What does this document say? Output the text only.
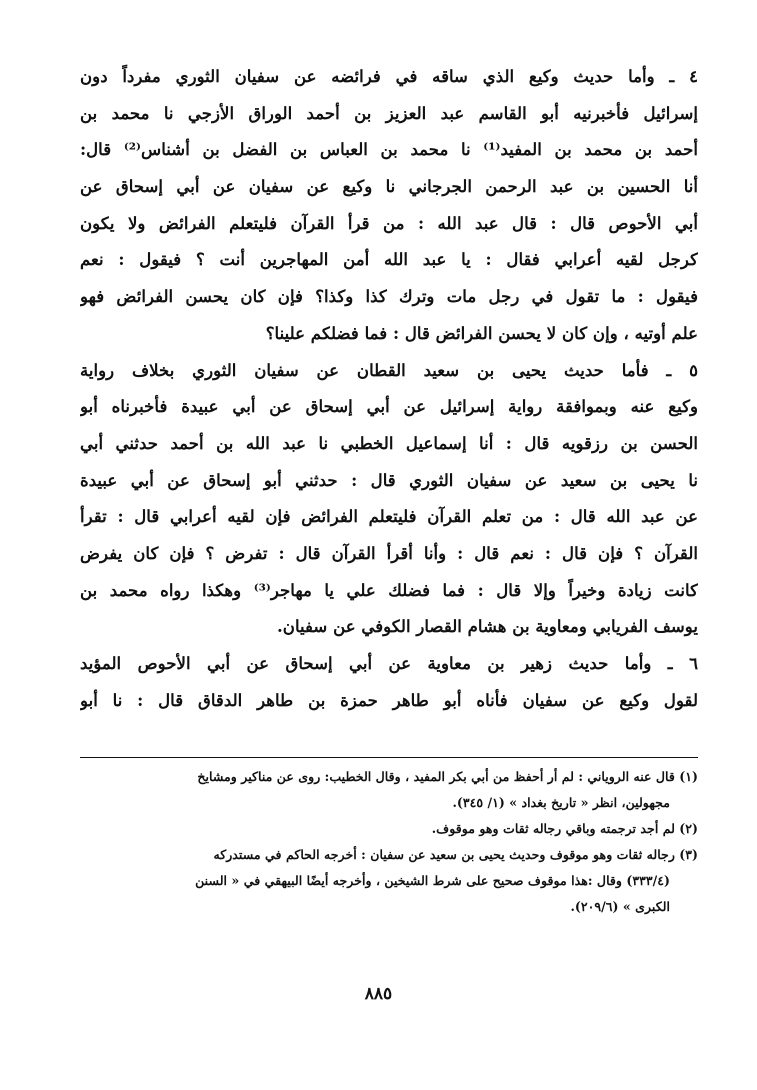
٤ ـ وأما حديث وكيع الذي ساقه في فرائضه عن سفيان الثوري مفرداً دون
إسرائيل فأخبرنيه أبو القاسم عبد العزيز بن أحمد الوراق الأزجي نا محمد بن
أحمد بن محمد بن المفيد⁽¹⁾ نا محمد بن العباس بن الفضل بن أشناس⁽²⁾ قال:
أنا الحسين بن عبد الرحمن الجرجاني نا وكيع عن سفيان عن أبي إسحاق عن
أبي الأحوص قال : قال عبد الله : من قرأ القرآن فليتعلم الفرائض ولا يكون
كرجل لقيه أعرابي فقال : يا عبد الله أمن المهاجرين أنت ؟ فيقول : نعم
فيقول : ما تقول في رجل مات وترك كذا وكذا؟ فإن كان يحسن الفرائض فهو
علم أوتيه ، وإن كان لا يحسن الفرائض قال : فما فضلكم علينا؟
٥ ـ فأما حديث يحيى بن سعيد القطان عن سفيان الثوري بخلاف رواية
وكيع عنه وبموافقة رواية إسرائيل عن أبي إسحاق عن أبي عبيدة فأخبرناه أبو
الحسن بن رزقويه قال : أنا إسماعيل الخطبي نا عبد الله بن أحمد حدثني أبي
نا يحيى بن سعيد عن سفيان الثوري قال : حدثني أبو إسحاق عن أبي عبيدة
عن عبد الله قال : من تعلم القرآن فليتعلم الفرائض فإن لقيه أعرابي قال : تقرأ
القرآن ؟ فإن قال : نعم قال : وأنا أقرأ القرآن قال : تفرض ؟ فإن كان يفرض
كانت زيادة وخيراً وإلا قال : فما فضلك علي يا مهاجر⁽³⁾ وهكذا رواه محمد بن
يوسف الفريابي ومعاوية بن هشام القصار الكوفي عن سفيان.
٦ ـ وأما حديث زهير بن معاوية عن أبي إسحاق عن أبي الأحوص المؤيد
لقول وكيع عن سفيان فأناه أبو طاهر حمزة بن طاهر الدقاق قال : نا أبو
(١) قال عنه الروياني : لم أر أحفظ من أبي بكر المفيد ، وقال الخطيب: روى عن مناكير ومشايخ
مجهولين، انظر « تاريخ بغداد » (١/ ٣٤٥).
(٢) لم أجد ترجمته وباقي رجاله ثقات وهو موقوف.
(٣) رجاله ثقات وهو موقوف وحديث يحيى بن سعيد عن سفيان : أخرجه الحاكم في مستدركه
(٣٣٣/٤) وقال :هذا موقوف صحيح على شرط الشيخين ، وأخرجه أيضًا البيهقي في « السنن
الكبرى » (٢٠٩/٦).
٨٨٥
